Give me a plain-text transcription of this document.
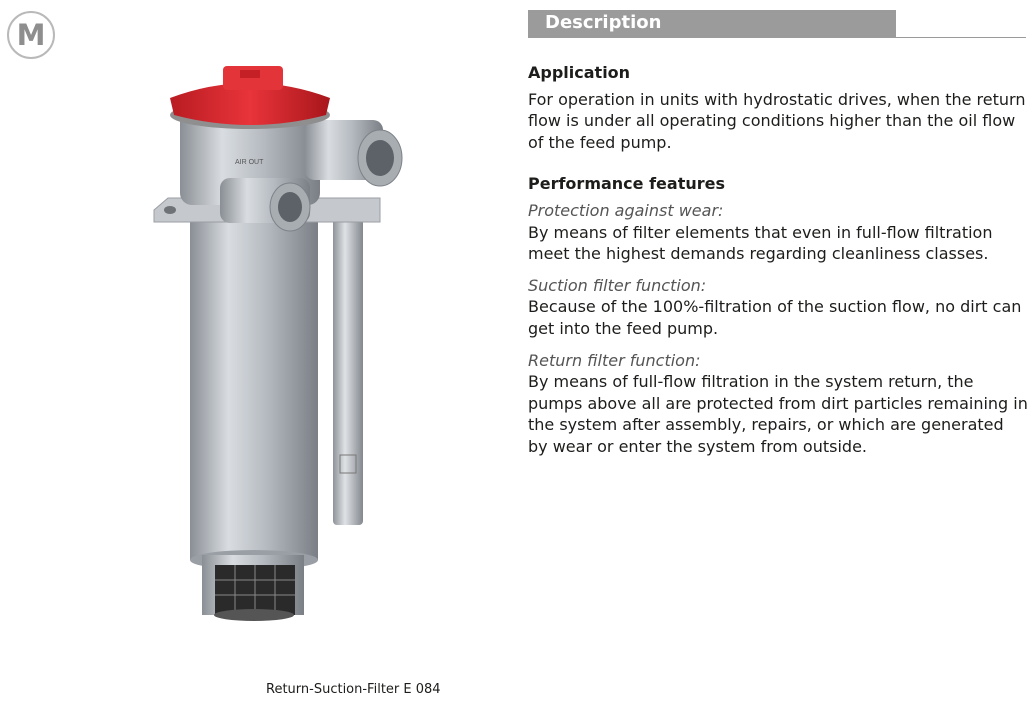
M
AIR OUT
Return-Suction-Filter E 084
Description

Application

For operation in units with hydrostatic drives, when the return flow is under all operating conditions higher than the oil flow of the feed pump.

Performance features

Protection against wear:

By means of filter elements that even in full-flow filtration meet the highest demands regarding cleanliness classes.

Suction filter function:

Because of the 100%-filtration of the suction flow, no dirt can get into the feed pump.

Return filter function:

By means of full-flow filtration in the system return, the pumps above all are protected from dirt particles remaining in the system after assembly, repairs, or which are generated by wear or enter the system from outside.
